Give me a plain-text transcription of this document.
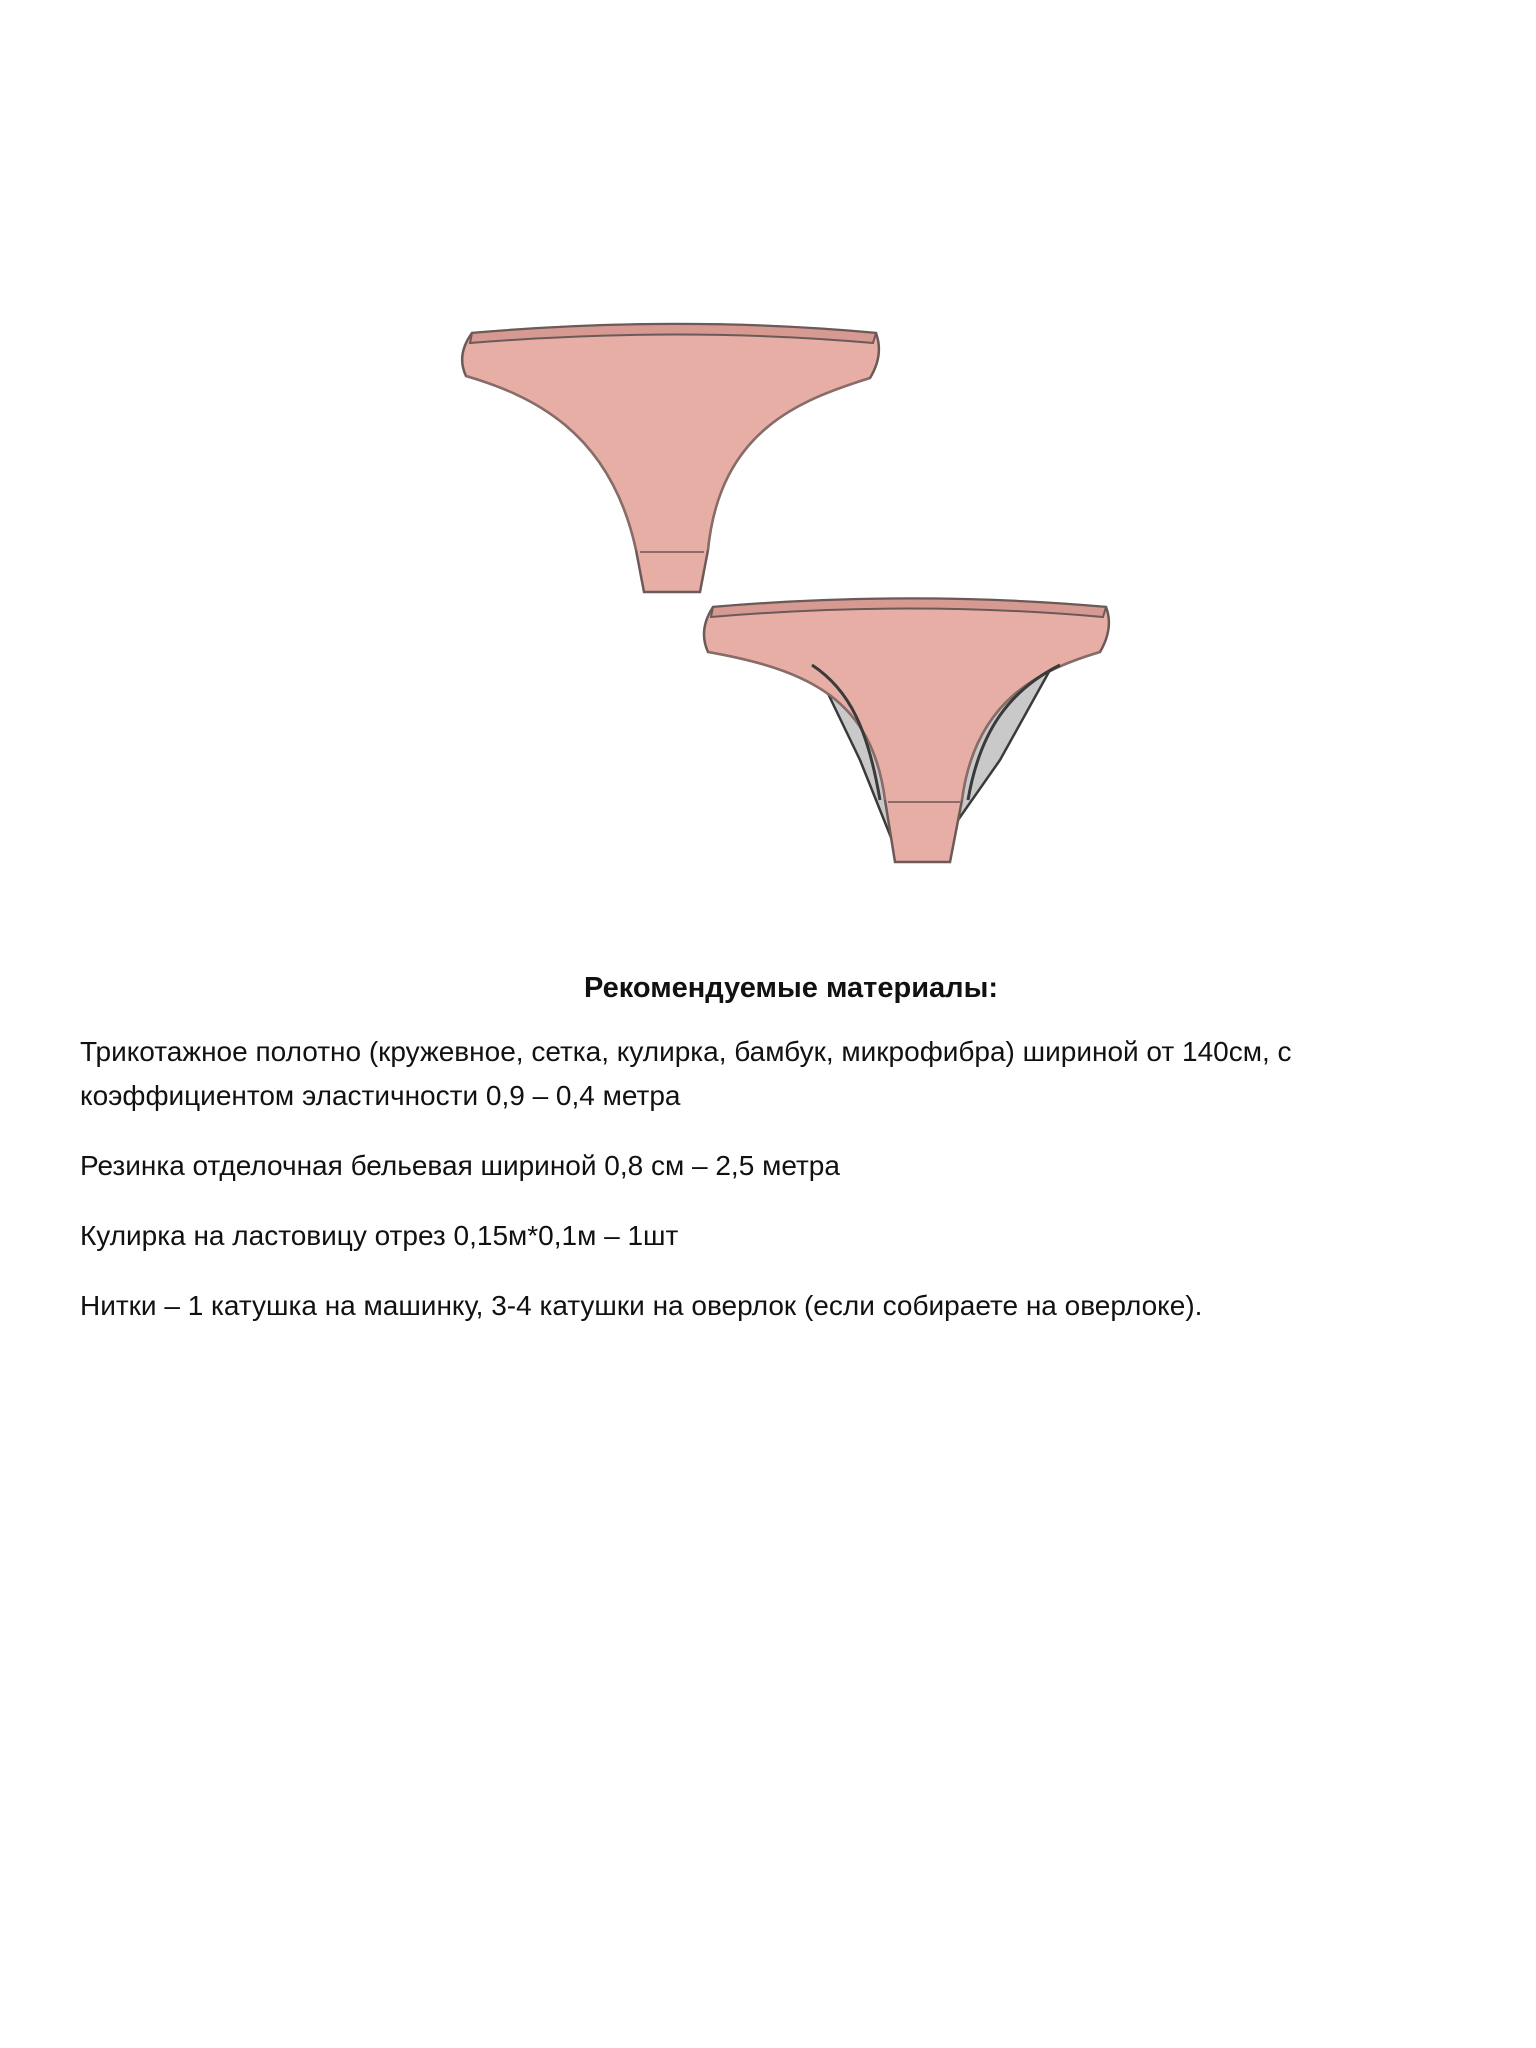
Рекомендуемые материалы:

Трикотажное полотно (кружевное, сетка, кулирка, бамбук, микрофибра) шириной от 140см, с коэффициентом эластичности 0,9 – 0,4 метра

Резинка отделочная бельевая шириной 0,8 см – 2,5 метра

Кулирка на ластовицу отрез 0,15м*0,1м – 1шт

Нитки – 1 катушка на машинку, 3-4 катушки на оверлок (если собираете на оверлоке).
